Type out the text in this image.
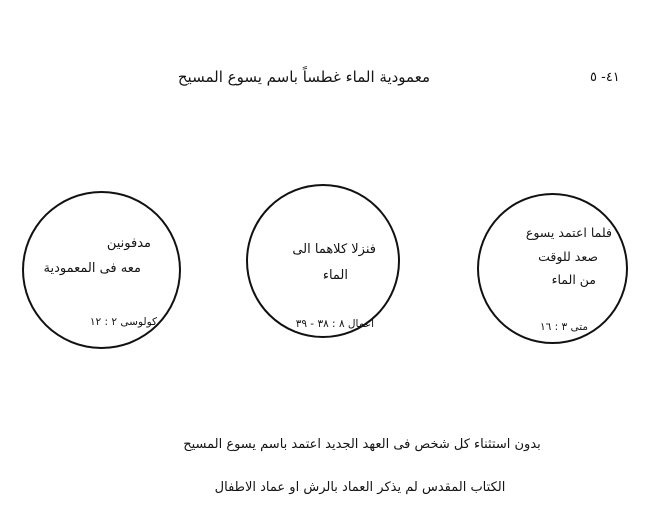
٤١- ٥
معمودية الماء غطساً باسم يسوع المسيح
فلما اعتمد يسوع
صعد للوقت
من الماء
متى ٣ : ١٦
فنزلا كلاهما الى
الماء
اعمال ٨ : ٣٨ - ٣٩
مدفونين
معه فى المعمودية
كولوسى ٢ : ١٢
بدون استثناء كل شخص فى العهد الجديد اعتمد باسم يسوع المسيح
الكتاب المقدس لم يذكر العماد بالرش او عماد الاطفال
